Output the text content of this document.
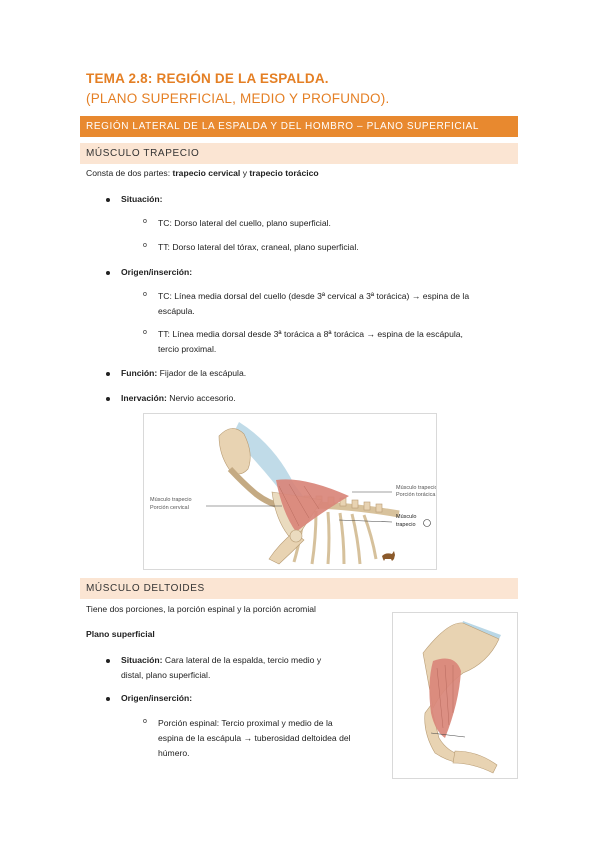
TEMA 2.8: REGIÓN DE LA ESPALDA.
(PLANO SUPERFICIAL, MEDIO Y PROFUNDO).
REGIÓN LATERAL DE LA ESPALDA Y DEL HOMBRO – PLANO SUPERFICIAL
MÚSCULO TRAPECIO
Consta de dos partes: trapecio cervical y trapecio torácico
Situación:
o TC: Dorso lateral del cuello, plano superficial.
o TT: Dorso lateral del tórax, craneal, plano superficial.
Origen/inserción:
o TC: Línea media dorsal del cuello (desde 3ª cervical a 3ª torácica) → espina de la
escápula.
o TT: Línea media dorsal desde 3ª torácica a 8ª torácica → espina de la escápula,
tercio proximal.
Función: Fijador de la escápula.
Inervación: Nervio accesorio.
Músculo trapecio
Porción cervical
Músculo trapecio
Porción torácica
Músculo
trapecio
MÚSCULO DELTOIDES
Tiene dos porciones, la porción espinal y la porción acromial
Plano superficial
Situación: Cara lateral de la espalda, tercio medio y
distal, plano superficial.
Origen/inserción:
o Porción espinal: Tercio proximal y medio de la
espina de la escápula → tuberosidad deltoidea del
húmero.
